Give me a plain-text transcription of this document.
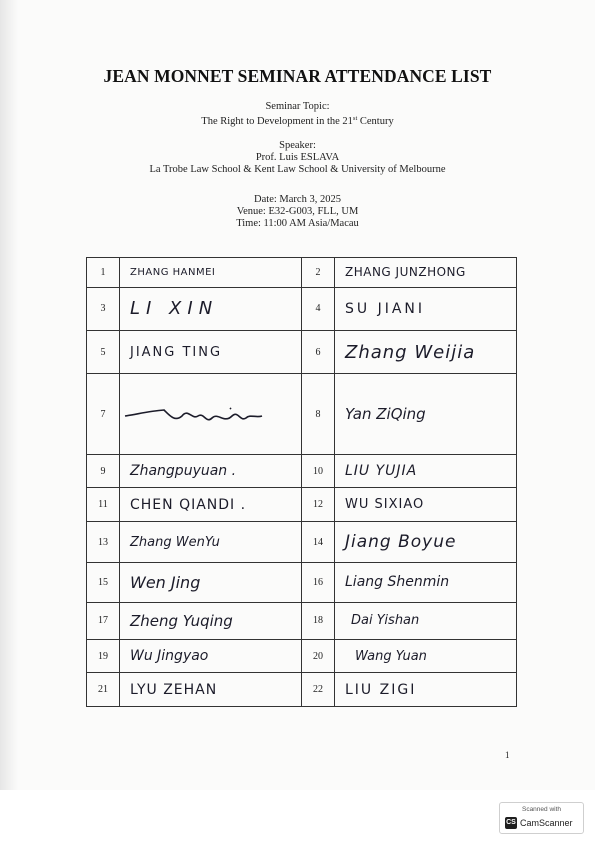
JEAN MONNET SEMINAR ATTENDANCE LIST
Seminar Topic:
The Right to Development in the 21st Century
Speaker:
Prof. Luis ESLAVA
La Trobe Law School & Kent Law School & University of Melbourne
Date: March 3, 2025
Venue: E32-G003, FLL, UM
Time: 11:00 AM Asia/Macau
1	ZHANG HANMEI	2	ZHANG JUNZHONG

3	LI XIN	4	SU JIANI

5	JIANG TING	6	Zhang Weijia

7		8	Yan ZiQing

9	Zhangpuyuan .	10	LIU YUJIA

11	CHEN QIANDI .	12	WU SIXIAO

13	Zhang WenYu	14	Jiang Boyue

15	Wen Jing	16	Liang Shenmin

17	Zheng Yuqing	18	Dai Yishan

19	Wu Jingyao	20	Wang Yuan

21	LYU ZEHAN	22	LIU ZIGI
1
Scanned with
CS CamScanner
